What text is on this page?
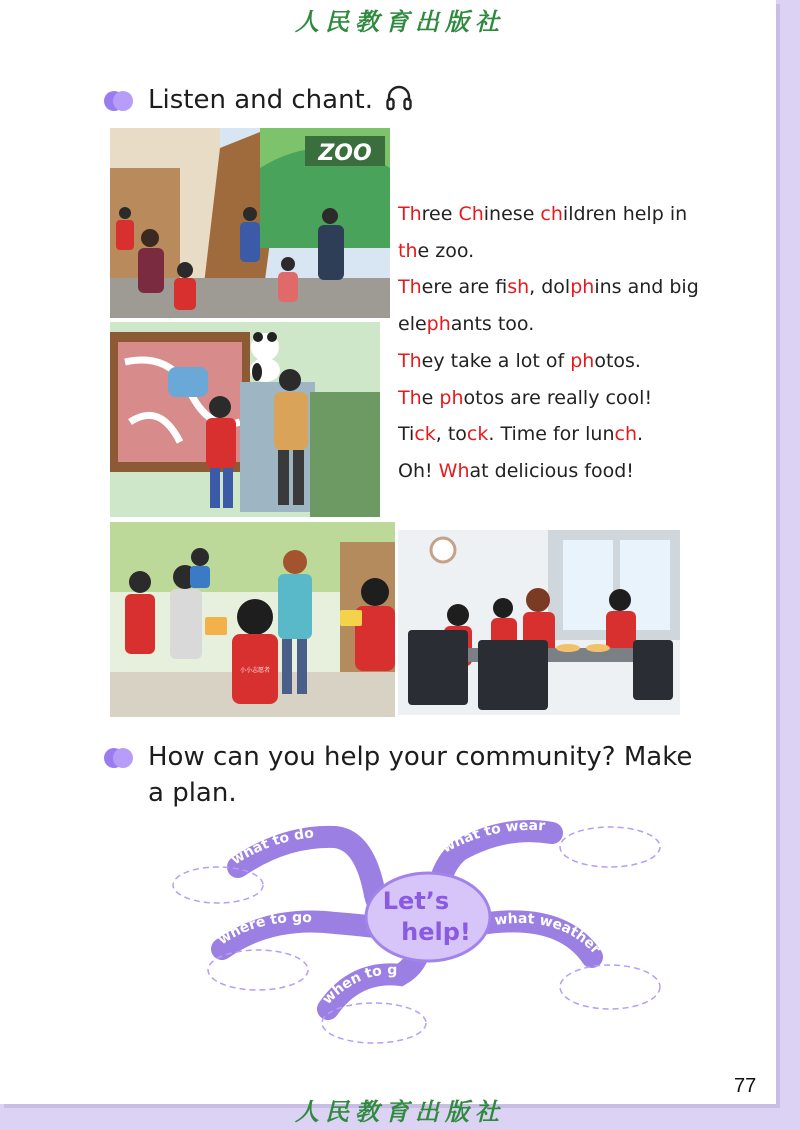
人民教育出版社
Listen and chant.
ZOO
Three Chinese children help in
the zoo.
There are fish, dolphins and big
elephants too.
They take a lot of photos.
The photos are really cool!
Tick, tock. Time for lunch.
Oh! What delicious food!
小小志愿者
How can you help your community? Make
a plan.
what to do
what to wear
where to go	what weather
when to g
Let’s
help!
77
人民教育出版社
